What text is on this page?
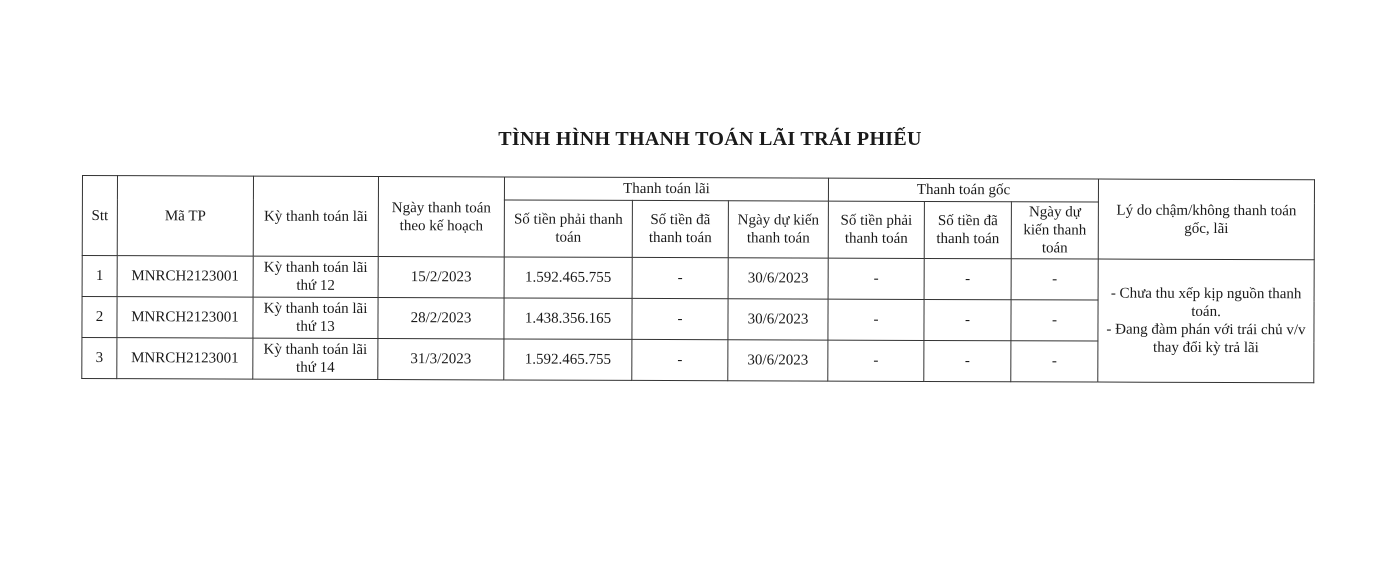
TÌNH HÌNH THANH TOÁN LÃI TRÁI PHIẾU
Stt	Mã TP	Kỳ thanh toán lãi	Ngày thanh toán theo kế hoạch	Thanh toán lãi			Thanh toán gốc			Lý do chậm/không thanh toán gốc, lãi
				Số tiền phải thanh toán	Số tiền đã thanh toán	Ngày dự kiến thanh toán	Số tiền phải thanh toán	Số tiền đã thanh toán	Ngày dự kiến thanh toán	
1	MNRCH2123001	Kỳ thanh toán lãi thứ 12	15/2/2023	1.592.465.755	-	30/6/2023	-	-	-	- Chưa thu xếp kịp nguồn thanh toán.
- Đang đàm phán với trái chủ v/v thay đổi kỳ trả lãi
2	MNRCH2123001	Kỳ thanh toán lãi thứ 13	28/2/2023	1.438.356.165	-	30/6/2023	-	-	-	
3	MNRCH2123001	Kỳ thanh toán lãi thứ 14	31/3/2023	1.592.465.755	-	30/6/2023	-	-	-	
